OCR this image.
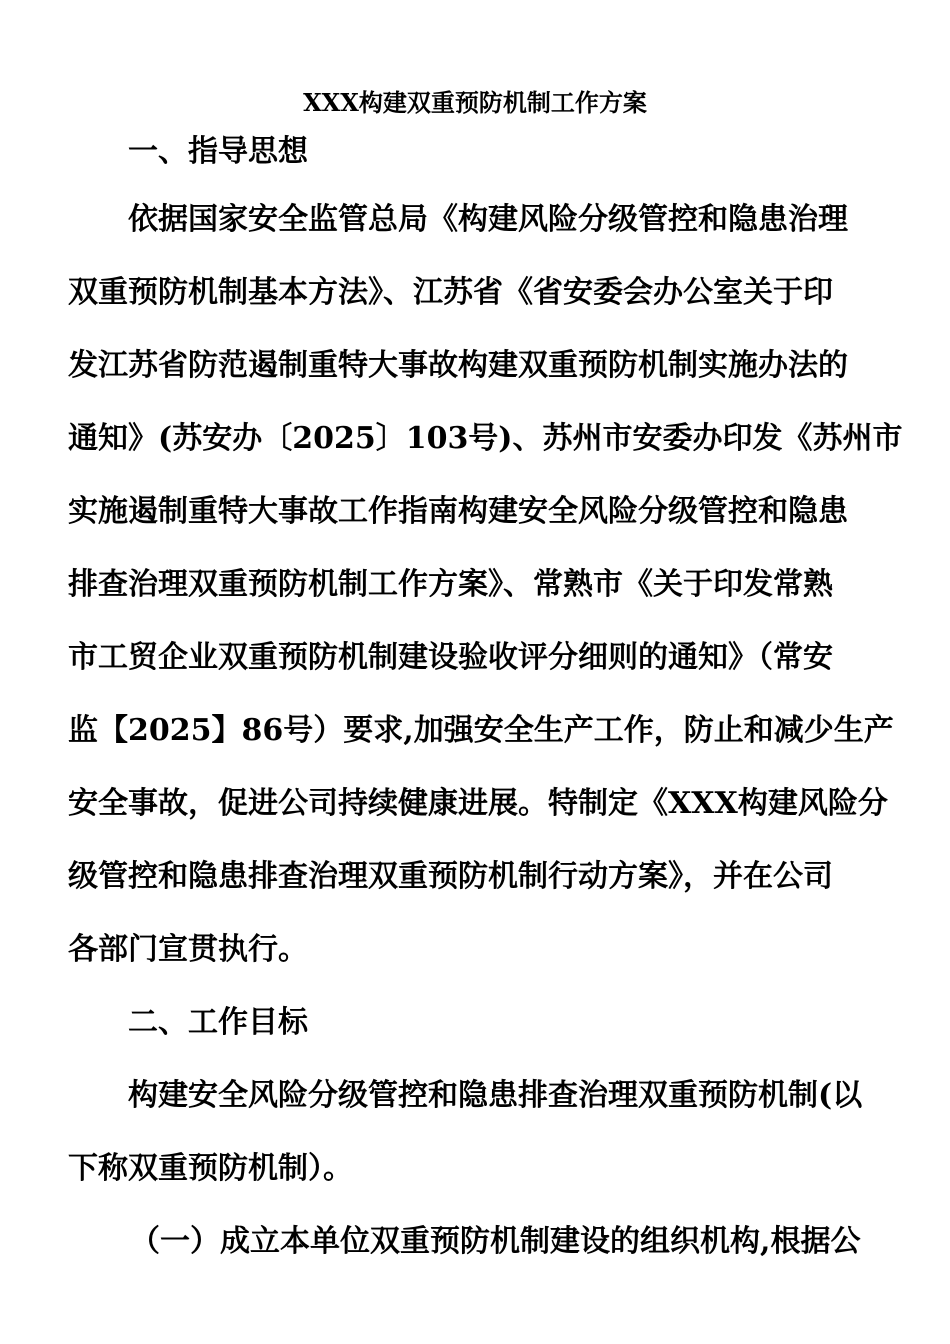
XXX构建双重预防机制工作方案
一、指导思想
依据国家安全监管总局《构建风险分级管控和隐患治理
双重预防机制基本方法》、江苏省《省安委会办公室关于印
发江苏省防范遏制重特大事故构建双重预防机制实施办法的
通知》(苏安办〔2025〕103号)、苏州市安委办印发《苏州市
实施遏制重特大事故工作指南构建安全风险分级管控和隐患
排查治理双重预防机制工作方案》、常熟市《关于印发常熟
市工贸企业双重预防机制建设验收评分细则的通知》（常安
监【2025】86号）要求,加强安全生产工作，防止和减少生产
安全事故，促进公司持续健康进展。特制定《XXX构建风险分
级管控和隐患排查治理双重预防机制行动方案》，并在公司
各部门宣贯执行。
二、工作目标
构建安全风险分级管控和隐患排查治理双重预防机制(以
下称双重预防机制）。
（一）成立本单位双重预防机制建设的组织机构,根据公
